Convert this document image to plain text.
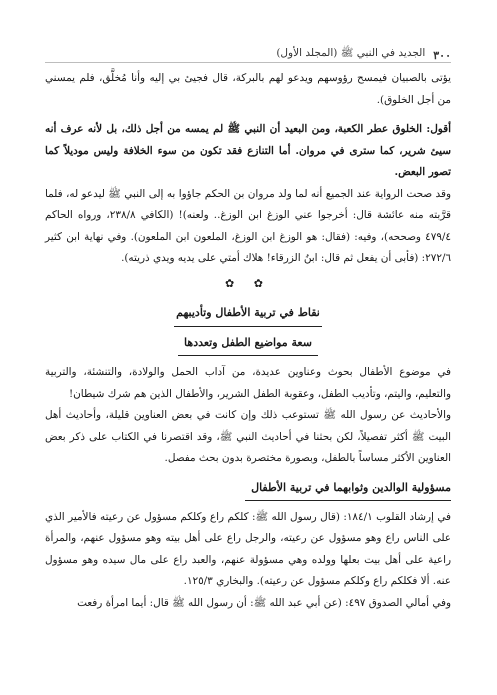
٣٠٠
الجديد في النبي ﷺ (المجلد الأول)

يؤتى بالصبيان فيمسح رؤوسهم ويدعو لهم بالبركة، قال فجيئ بي إليه وأنا مُخلَّق، فلم يمسني من أجل الخلوق).

أقول: الخلوق عطر الكعبة، ومن البعيد أن النبي ﷺ لم يمسه من أجل ذلك، بل لأنه عرف أنه سيئ شرير، كما سترى في مروان. أما التنازع فقد تكون من سوء الخلافة وليس موديلاً كما تصور البعض.

وقد صحت الرواية عند الجميع أنه لما ولد مروان بن الحكم جاؤوا به إلى النبي ﷺ ليدعو له، فلما قرَّبته منه عائشة قال: أخرجوا عني الوزغ ابن الوزغ.. ولعنه)! (الكافي ٢٣٨/٨، ورواه الحاكم ٤٧٩/٤ وصححه)، وفيه: (فقال: هو الوزغ ابن الوزغ، الملعون ابن الملعون). وفي نهاية ابن كثير ٢٧٢/٦: (فأبى أن يفعل ثم قال: ابنُ الزرقاء! هلاك أمتي على يديه ويدي ذريته).

✿ ✿
نقاط في تربية الأطفال وتأديبهم
سعة مواضيع الطفل وتعددها

في موضوع الأطفال بحوث وعناوين عديدة، من آداب الحمل والولادة، والتنشئة، والتربية والتعليم، واليتم، وتأديب الطفل، وعقوبة الطفل الشرير، والأطفال الذين هم شرك شيطان!

والأحاديث عن رسول الله ﷺ تستوعب ذلك وإن كانت في بعض العناوين قليلة، وأحاديث أهل البيت ﷺ أكثر تفصيلاً، لكن بحثنا في أحاديث النبي ﷺ، وقد اقتصرنا في الكتاب على ذكر بعض العناوين الأكثر مساساً بالطفل، وبصورة مختصرة بدون بحث مفصل.

مسؤولية الوالدين وثوابهما في تربية الأطفال

في إرشاد القلوب ١٨٤/١: (قال رسول الله ﷺ: كلكم راع وكلكم مسؤول عن رعيته فالأمير الذي على الناس راع وهو مسؤول عن رعيته، والرجل راع على أهل بيته وهو مسؤول عنهم، والمرأة راعية على أهل بيت بعلها وولده وهي مسؤولة عنهم، والعبد راع على مال سيده وهو مسؤول عنه. ألا فكلكم راع وكلكم مسؤول عن رعيته). والبخاري ١٢٥/٣.

وفي أمالي الصدوق ٤٩٧: (عن أبي عبد الله ﷺ: أن رسول الله ﷺ قال: أيما امرأة رفعت
